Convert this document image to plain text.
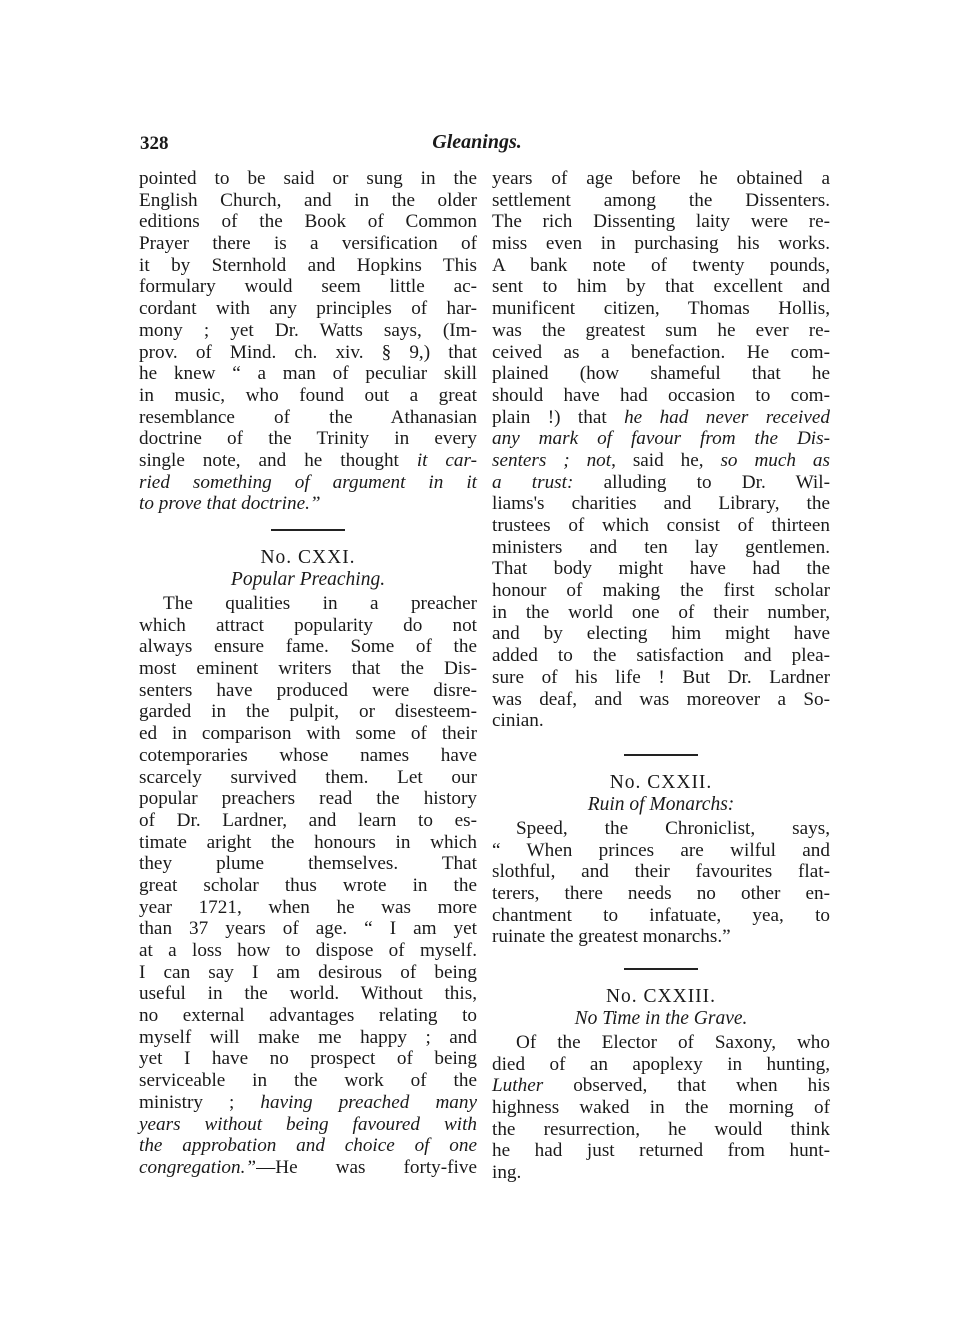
328	Gleanings.
pointed to be said or sung in the
English Church, and in the older
editions of the Book of Common
Prayer there is a versification of
it by Sternhold and Hopkins This
formulary would seem little ac-
cordant with any principles of har-
mony ; yet Dr. Watts says, (Im-
prov. of Mind. ch. xiv. § 9,) that
he knew “ a man of peculiar skill
in music, who found out a great
resemblance of the Athanasian
doctrine of the Trinity in every
single note, and he thought it car-
ried something of argument in it
to prove that doctrine.”
No. CXXI.
Popular Preaching.
The qualities in a preacher
which attract popularity do not
always ensure fame. Some of the
most eminent writers that the Dis-
senters have produced were disre-
garded in the pulpit, or disesteem-
ed in comparison with some of their
cotemporaries whose names have
scarcely survived them. Let our
popular preachers read the history
of Dr. Lardner, and learn to es-
timate aright the honours in which
they plume themselves. That
great scholar thus wrote in the
year 1721, when he was more
than 37 years of age. “ I am yet
at a loss how to dispose of myself.
I can say I am desirous of being
useful in the world. Without this,
no external advantages relating to
myself will make me happy ; and
yet I have no prospect of being
serviceable in the work of the
ministry ; having preached many
years without being favoured with
the approbation and choice of one
congregation.”—He was forty-five
years of age before he obtained a
settlement among the Dissenters.
The rich Dissenting laity were re-
miss even in purchasing his works.
A bank note of twenty pounds,
sent to him by that excellent and
munificent citizen, Thomas Hollis,
was the greatest sum he ever re-
ceived as a benefaction. He com-
plained (how shameful that he
should have had occasion to com-
plain !) that he had never received
any mark of favour from the Dis-
senters ; not, said he, so much as
a trust: alluding to Dr. Wil-
liams's charities and Library, the
trustees of which consist of thirteen
ministers and ten lay gentlemen.
That body might have had the
honour of making the first scholar
in the world one of their number,
and by electing him might have
added to the satisfaction and plea-
sure of his life ! But Dr. Lardner
was deaf, and was moreover a So-
cinian.
No. CXXII.
Ruin of Monarchs:
Speed, the Chroniclist, says,
“ When princes are wilful and
slothful, and their favourites flat-
terers, there needs no other en-
chantment to infatuate, yea, to
ruinate the greatest monarchs.”
No. CXXIII.
No Time in the Grave.
Of the Elector of Saxony, who
died of an apoplexy in hunting,
Luther observed, that when his
highness waked in the morning of
the resurrection, he would think
he had just returned from hunt-
ing.
